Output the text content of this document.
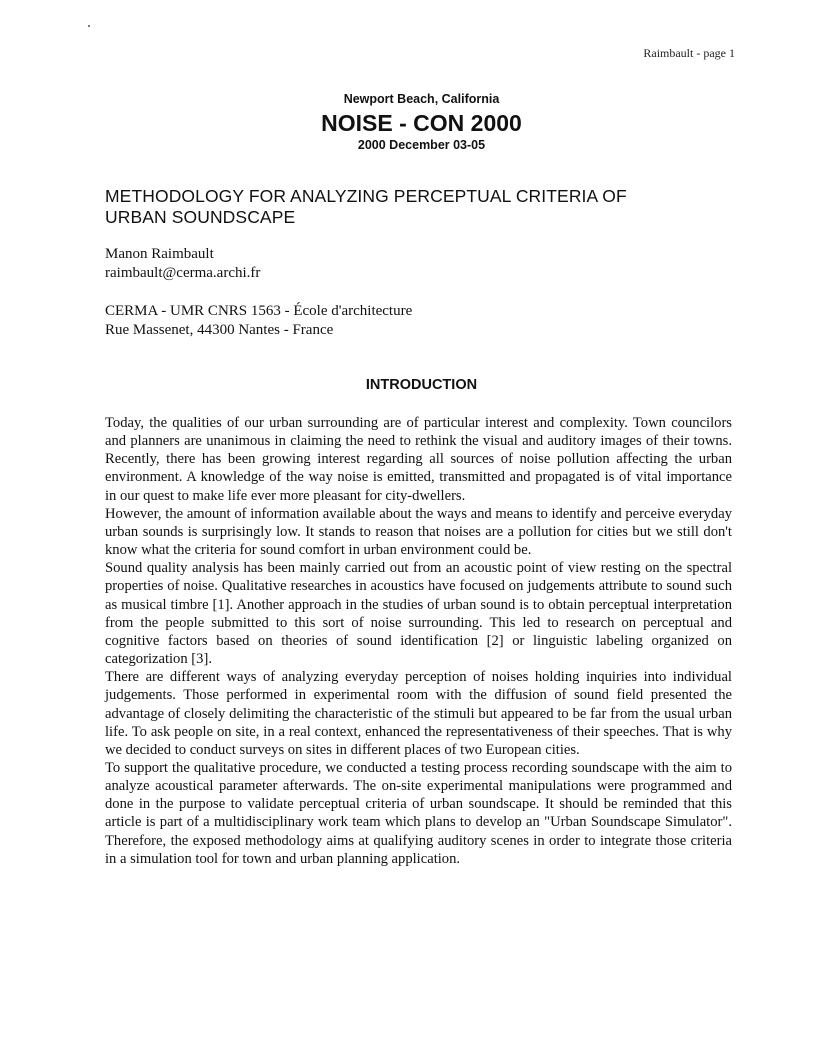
Raimbault - page 1
Newport Beach, California
NOISE - CON 2000
2000 December 03-05
METHODOLOGY FOR ANALYZING PERCEPTUAL CRITERIA OF
URBAN SOUNDSCAPE
Manon Raimbault
raimbault@cerma.archi.fr
CERMA - UMR CNRS 1563 - École d'architecture
Rue Massenet, 44300 Nantes - France
INTRODUCTION

Today, the qualities of our urban surrounding are of particular interest and complexity. Town councilors and planners are unanimous in claiming the need to rethink the visual and auditory images of their towns. Recently, there has been growing interest regarding all sources of noise pollution affecting the urban environment. A knowledge of the way noise is emitted, transmitted and propagated is of vital importance in our quest to make life ever more pleasant for city-dwellers.

However, the amount of information available about the ways and means to identify and perceive everyday urban sounds is surprisingly low. It stands to reason that noises are a pollution for cities but we still don't know what the criteria for sound comfort in urban environment could be.

Sound quality analysis has been mainly carried out from an acoustic point of view resting on the spectral properties of noise. Qualitative researches in acoustics have focused on judgements attribute to sound such as musical timbre [1]. Another approach in the studies of urban sound is to obtain perceptual interpretation from the people submitted to this sort of noise surrounding. This led to research on perceptual and cognitive factors based on theories of sound identification [2] or linguistic labeling organized on categorization [3].

There are different ways of analyzing everyday perception of noises holding inquiries into individual judgements. Those performed in experimental room with the diffusion of sound field presented the advantage of closely delimiting the characteristic of the stimuli but appeared to be far from the usual urban life. To ask people on site, in a real context, enhanced the representativeness of their speeches. That is why we decided to conduct surveys on sites in different places of two European cities.

To support the qualitative procedure, we conducted a testing process recording soundscape with the aim to analyze acoustical parameter afterwards. The on-site experimental manipulations were programmed and done in the purpose to validate perceptual criteria of urban soundscape. It should be reminded that this article is part of a multidisciplinary work team which plans to develop an "Urban Soundscape Simulator". Therefore, the exposed methodology aims at qualifying auditory scenes in order to integrate those criteria in a simulation tool for town and urban planning application.
